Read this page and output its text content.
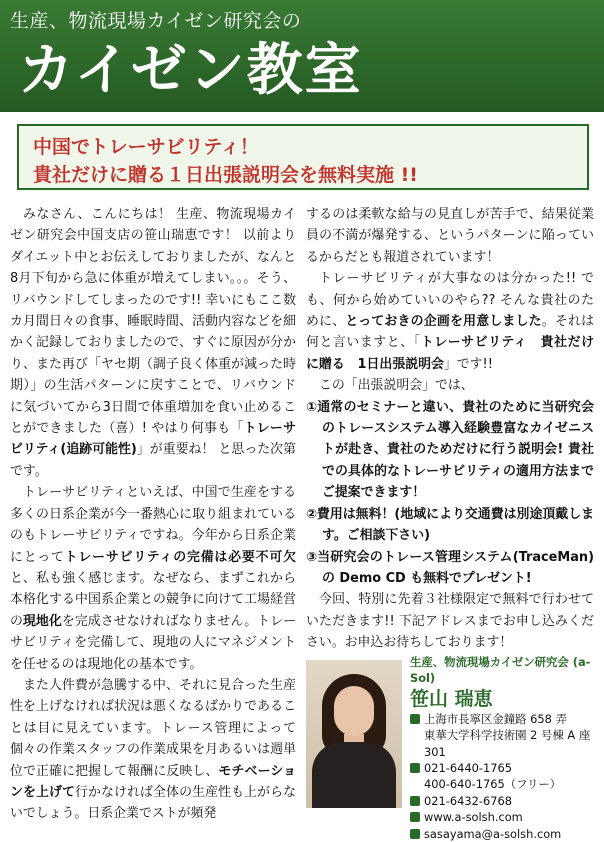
生産、物流現場カイゼン研究会の
カイゼン教室
中国でトレーサビリティ！
貴社だけに贈る１日出張説明会を無料実施 !!

みなさん、こんにちは！ 生産、物流現場カイゼン研究会中国支店の笹山瑞恵です！ 以前よりダイエット中とお伝えしておりましたが、なんと8月下旬から急に体重が増えてしまい。。。そう、リバウンドしてしまったのです!! 幸いにもここ数カ月間日々の食事、睡眠時間、活動内容などを細かく記録しておりましたので、すぐに原因が分かり、また再び「ヤセ期（調子良く体重が減った時期）」の生活パターンに戻すことで、リバウンドに気づいてから3日間で体重増加を食い止めることができました（喜）! やはり何事も「トレーサビリティ(追跡可能性)」が重要ね！ と思った次第です。

トレーサビリティといえば、中国で生産をする多くの日系企業が今一番熱心に取り組まれているのもトレーサビリティですね。今年から日系企業にとってトレーサビリティの完備は必要不可欠と、私も強く感じます。なぜなら、まずこれから本格化する中国系企業との競争に向けて工場経営の現地化を完成させなければなりません。トレーサビリティを完備して、現地の人にマネジメントを任せるのは現地化の基本です。

また人件費が急騰する中、それに見合った生産性を上げなければ状況は悪くなるばかりであることは目に見えています。トレース管理によって個々の作業スタッフの作業成果を月あるいは週単位で正確に把握して報酬に反映し、モチベーションを上げて行かなければ全体の生産性も上がらないでしょう。日系企業でストが頻発

するのは柔軟な給与の見直しが苦手で、結果従業員の不満が爆発する、というパターンに陥っているからだとも報道されています！

トレーサビリティが大事なのは分かった!! でも、何から始めていいのやら?? そんな貴社のために、とっておきの企画を用意しました。それは何と言いますと、「トレーサビリティ　貴社だけに贈る　1日出張説明会」です!!

この「出張説明会」では、

①通常のセミナーと違い、貴社のために当研究会のトレースシステム導入経験豊富なカイゼニストが赴き、貴社のためだけに行う説明会! 貴社での具体的なトレーサビリティの適用方法までご提案できます！

②費用は無料！(地域により交通費は別途頂戴します。ご相談下さい)

③当研究会のトレース管理システム(TraceMan)の Demo CD も無料でプレゼント!

今回、特別に先着３社様限定で無料で行わせていただきます!! 下記アドレスまでお申し込みください。お申込お待ちしております！

生産、物流現場カイゼン研究会 (a-Sol)
笹山 瑞恵
上海市長寧区金鐘路 658 弄
東華大学科学技術園 2 号棟 A 座 301
021-6440-1765
400-640-1765（フリー）
021-6432-6768
www.a-solsh.com
sasayama@a-solsh.com
